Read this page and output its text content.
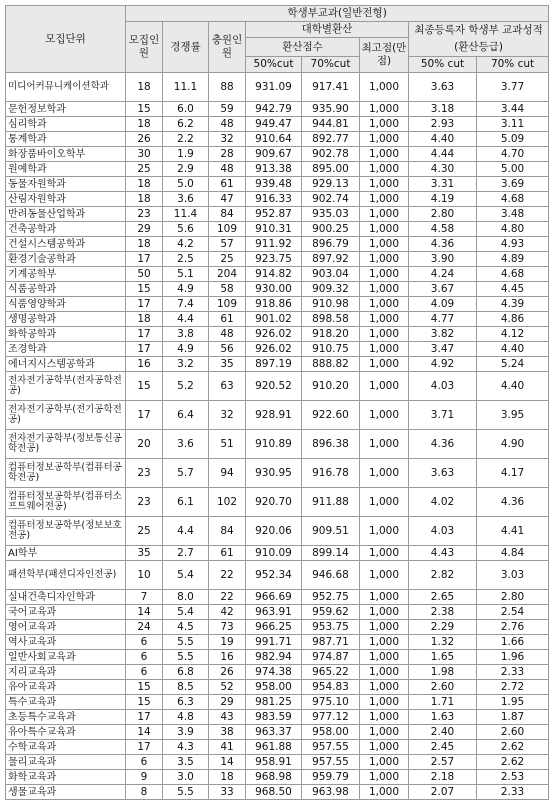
모집단위	학생부교과(일반전형)							
	모집인원	경쟁률	충원인원	대학별환산			최종등록자 학생부 교과성적 (환산등급)	
				환산점수		최고점(만점)		
				50%cut	70%cut		50% cut	70% cut
미디어커뮤니케이션학과	18	11.1	88	931.09	917.41	1,000	3.63	3.77
문헌정보학과	15	6.0	59	942.79	935.90	1,000	3.18	3.44
심리학과	18	6.2	48	949.47	944.81	1,000	2.93	3.11
통계학과	26	2.2	32	910.64	892.77	1,000	4.40	5.09
화장품바이오학부	30	1.9	28	909.67	902.78	1,000	4.44	4.70
원예학과	25	2.9	48	913.38	895.00	1,000	4.30	5.00
동물자원학과	18	5.0	61	939.48	929.13	1,000	3.31	3.69
산림자원학과	18	3.6	47	916.33	902.74	1,000	4.19	4.68
반려동물산업학과	23	11.4	84	952.87	935.03	1,000	2.80	3.48
건축공학과	29	5.6	109	910.31	900.25	1,000	4.58	4.80
건설시스템공학과	18	4.2	57	911.92	896.79	1,000	4.36	4.93
환경기술공학과	17	2.5	25	923.75	897.92	1,000	3.90	4.89
기계공학부	50	5.1	204	914.82	903.04	1,000	4.24	4.68
식품공학과	15	4.9	58	930.00	909.32	1,000	3.67	4.45
식품영양학과	17	7.4	109	918.86	910.98	1,000	4.09	4.39
생명공학과	18	4.4	61	901.02	898.58	1,000	4.77	4.86
화학공학과	17	3.8	48	926.02	918.20	1,000	3.82	4.12
조경학과	17	4.9	56	926.02	910.75	1,000	3.47	4.40
에너지시스템공학과	16	3.2	35	897.19	888.82	1,000	4.92	5.24
전자전기공학부(전자공학전공)	15	5.2	63	920.52	910.20	1,000	4.03	4.40
전자전기공학부(전기공학전공)	17	6.4	32	928.91	922.60	1,000	3.71	3.95
전자전기공학부(정보통신공학전공)	20	3.6	51	910.89	896.38	1,000	4.36	4.90
컴퓨터정보공학부(컴퓨터공학전공)	23	5.7	94	930.95	916.78	1,000	3.63	4.17
컴퓨터정보공학부(컴퓨터소프트웨어전공)	23	6.1	102	920.70	911.88	1,000	4.02	4.36
컴퓨터정보공학부(정보보호전공)	25	4.4	84	920.06	909.51	1,000	4.03	4.41
AI학부	35	2.7	61	910.09	899.14	1,000	4.43	4.84
패션학부(패션디자인전공)	10	5.4	22	952.34	946.68	1,000	2.82	3.03
실내건축디자인학과	7	8.0	22	966.69	952.75	1,000	2.65	2.80
국어교육과	14	5.4	42	963.91	959.62	1,000	2.38	2.54
영어교육과	24	4.5	73	966.25	953.75	1,000	2.29	2.76
역사교육과	6	5.5	19	991.71	987.71	1,000	1.32	1.66
일반사회교육과	6	5.5	16	982.94	974.87	1,000	1.65	1.96
지리교육과	6	6.8	26	974.38	965.22	1,000	1.98	2.33
유아교육과	15	8.5	52	958.00	954.83	1,000	2.60	2.72
특수교육과	15	6.3	29	981.25	975.10	1,000	1.71	1.95
초등특수교육과	17	4.8	43	983.59	977.12	1,000	1.63	1.87
유아특수교육과	14	3.9	38	963.37	958.00	1,000	2.40	2.60
수학교육과	17	4.3	41	961.88	957.55	1,000	2.45	2.62
물리교육과	6	3.5	14	958.91	957.55	1,000	2.57	2.62
화학교육과	9	3.0	18	968.98	959.79	1,000	2.18	2.53
생물교육과	8	5.5	33	968.50	963.98	1,000	2.07	2.33
